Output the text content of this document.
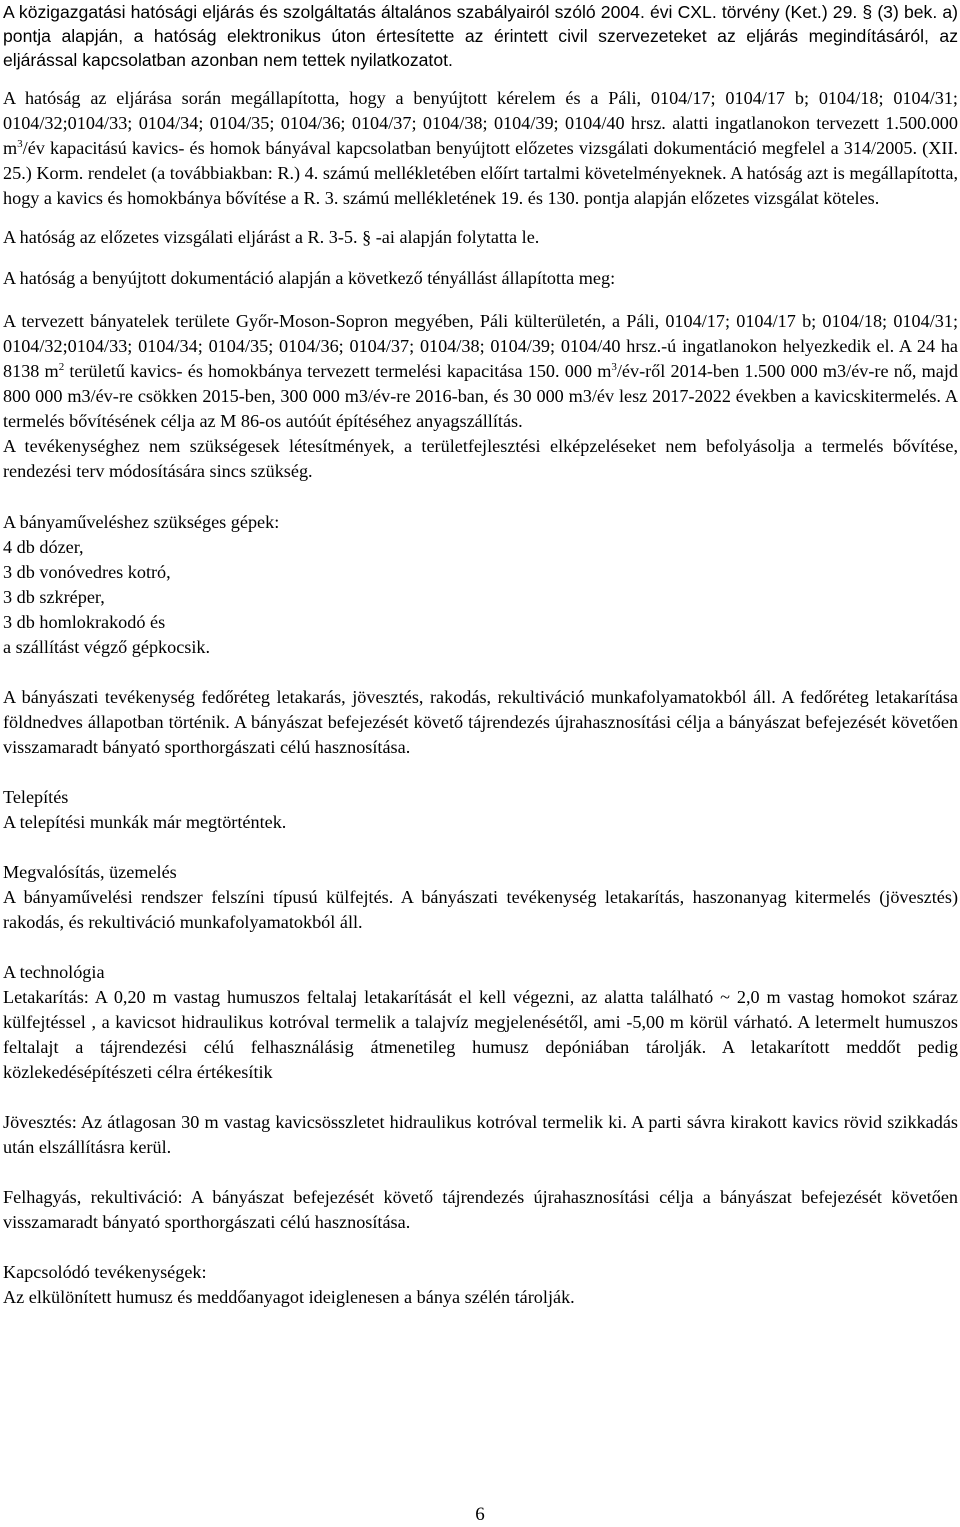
A közigazgatási hatósági eljárás és szolgáltatás általános szabályairól szóló 2004. évi CXL. törvény (Ket.) 29. § (3) bek. a) pontja alapján, a hatóság elektronikus úton értesítette az érintett civil szervezeteket az eljárás megindításáról, az eljárással kapcsolatban azonban nem tettek nyilatkozatot.

A hatóság az eljárása során megállapította, hogy a benyújtott kérelem és a Páli, 0104/17; 0104/17 b; 0104/18; 0104/31; 0104/32;0104/33; 0104/34; 0104/35; 0104/36; 0104/37; 0104/38; 0104/39; 0104/40 hrsz. alatti ingatlanokon tervezett 1.500.000 $m^3/év$ kapacitású kavics- és homok bányával kapcsolatban benyújtott előzetes vizsgálati dokumentáció megfelel a 314/2005. (XII. 25.) Korm. rendelet (a továbbiakban: R.) 4. számú mellékletében előírt tartalmi követelményeknek. A hatóság azt is megállapította, hogy a kavics és homokbánya bővítése a R. 3. számú mellékletének 19. és 130. pontja alapján előzetes vizsgálat köteles.

A hatóság az előzetes vizsgálati eljárást a R. 3-5. § -ai alapján folytatta le.

A hatóság a benyújtott dokumentáció alapján a következő tényállást állapította meg:

A tervezett bányatelek területe Győr-Moson-Sopron megyében, Páli külterületén, a Páli, 0104/17; 0104/17 b; 0104/18; 0104/31; 0104/32;0104/33; 0104/34; 0104/35; 0104/36; 0104/37; 0104/38; 0104/39; 0104/40 hrsz.-ú ingatlanokon helyezkedik el. A 24 ha 8138 $m^2$ területű kavics- és homokbánya tervezett termelési kapacitása 150. 000 $m^3/év$-ről 2014-ben 1.500 000 m3/év-re nő, majd 800 000 m3/év-re csökken 2015-ben, 300 000 m3/év-re 2016-ban, és 30 000 m3/év lesz 2017-2022 években a kavicskitermelés. A termelés bővítésének célja az M 86-os autóút építéséhez anyagszállítás.

A tevékenységhez nem szükségesek létesítmények, a területfejlesztési elképzeléseket nem befolyásolja a termelés bővítése, rendezési terv módosítására sincs szükség.

A bányaműveléshez szükséges gépek:

4 db dózer,
3 db vonóvedres kotró,
3 db szkréper,
3 db homlokrakodó és
a szállítást végző gépkocsik.

A bányászati tevékenység fedőréteg letakarás, jövesztés, rakodás, rekultiváció munkafolyamatokból áll. A fedőréteg letakarítása földnedves állapotban történik. A bányászat befejezését követő tájrendezés újrahasznosítási célja a bányászat befejezését követően visszamaradt bányató sporthorgászati célú hasznosítása.

Telepítés

A telepítési munkák már megtörténtek.

Megvalósítás, üzemelés

A bányaművelési rendszer felszíni típusú külfejtés. A bányászati tevékenység letakarítás, haszonanyag kitermelés (jövesztés) rakodás, és rekultiváció munkafolyamatokból áll.

A technológia

Letakarítás: A 0,20 m vastag humuszos feltalaj letakarítását el kell végezni, az alatta található ~ 2,0 m vastag homokot száraz külfejtéssel , a kavicsot hidraulikus kotróval termelik a talajvíz megjelenésétől, ami -5,00 m körül várható. A letermelt humuszos feltalajt a tájrendezési célú felhasználásig átmenetileg humusz depóniában tárolják. A letakarított meddőt pedig közlekedésépítészeti célra értékesítik

Jövesztés: Az átlagosan 30 m vastag kavicsösszletet hidraulikus kotróval termelik ki. A parti sávra kirakott kavics rövid szikkadás után elszállításra kerül.

Felhagyás, rekultiváció: A bányászat befejezését követő tájrendezés újrahasznosítási célja a bányászat befejezését követően visszamaradt bányató sporthorgászati célú hasznosítása.

Kapcsolódó tevékenységek:

Az elkülönített humusz és meddőanyagot ideiglenesen a bánya szélén tárolják.

6
